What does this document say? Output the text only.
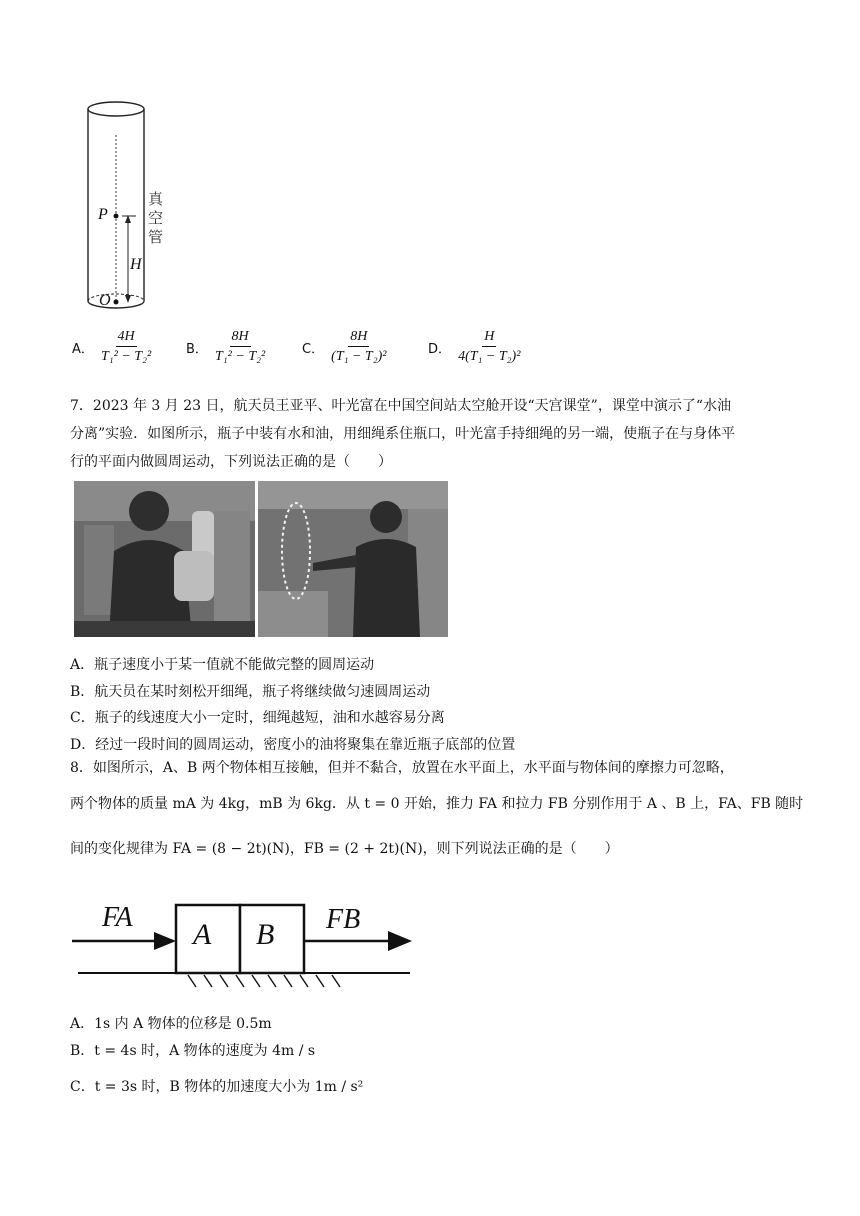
P
O
H
真
空
管
A． $\frac{4H}{\text{T₁² − T₂²}}$	B． $\frac{8H}{\text{T₁² − T₂²}}$	C． $\frac{8H}{\text{(T₁ − T₂)²}}$	D． $\frac{H}{\text{4(T₁ − T₂)²}}$
7．2023 年 3 月 23 日，航天员王亚平、叶光富在中国空间站太空舱开设“天宫课堂”，课堂中演示了“水油
分离”实验．如图所示，瓶子中装有水和油，用细绳系住瓶口，叶光富手持细绳的另一端，使瓶子在与身体平
行的平面内做圆周运动，下列说法正确的是（　　）
A．瓶子速度小于某一值就不能做完整的圆周运动
B．航天员在某时刻松开细绳，瓶子将继续做匀速圆周运动
C．瓶子的线速度大小一定时，细绳越短，油和水越容易分离
D．经过一段时间的圆周运动，密度小的油将聚集在靠近瓶子底部的位置
8．如图所示，A、B 两个物体相互接触，但并不黏合，放置在水平面上，水平面与物体间的摩擦力可忽略，
两个物体的质量 mA 为 4kg，mB 为 6kg．从 t = 0 开始，推力 FA 和拉力 FB 分别作用于 A 、B 上，FA、FB 随时
间的变化规律为 FA = (8 − 2t)(N)，FB = (2 + 2t)(N)，则下列说法正确的是（　　）
FA
A B FB
A．1s 内 A 物体的位移是 0.5m
B．t = 4s 时，A 物体的速度为 4m / s
C．t = 3s 时，B 物体的加速度大小为 1m / s²
